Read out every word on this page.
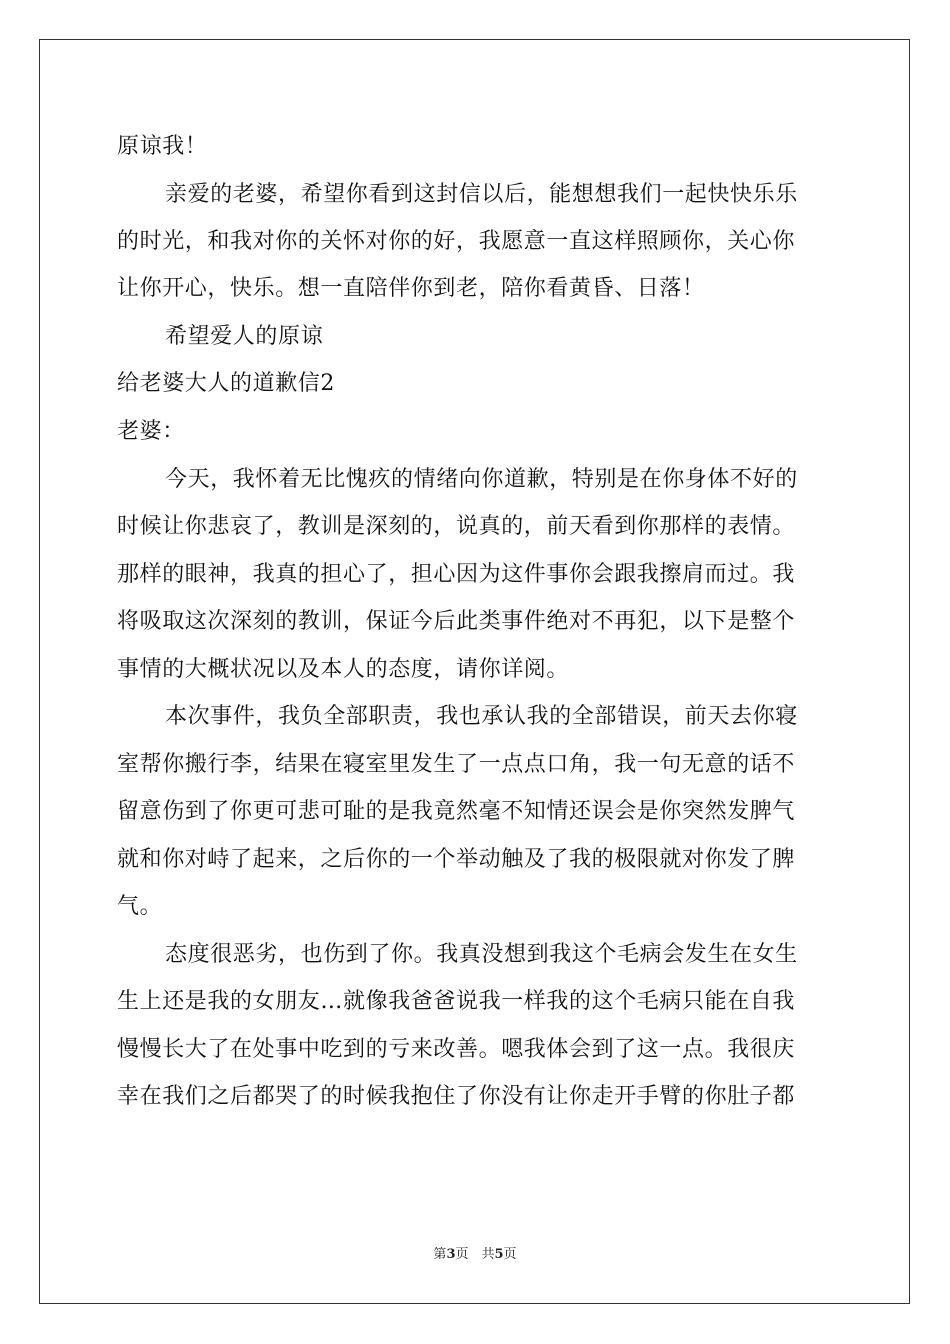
原谅我！
亲爱的老婆，希望你看到这封信以后，能想想我们一起快快乐乐
的时光，和我对你的关怀对你的好，我愿意一直这样照顾你，关心你
让你开心，快乐。想一直陪伴你到老，陪你看黄昏、日落！
希望爱人的原谅
给老婆大人的道歉信2
老婆：
今天，我怀着无比愧疚的情绪向你道歉，特别是在你身体不好的
时候让你悲哀了，教训是深刻的，说真的，前天看到你那样的表情。
那样的眼神，我真的担心了，担心因为这件事你会跟我擦肩而过。我
将吸取这次深刻的教训，保证今后此类事件绝对不再犯，以下是整个
事情的大概状况以及本人的态度，请你详阅。
本次事件，我负全部职责，我也承认我的全部错误，前天去你寝
室帮你搬行李，结果在寝室里发生了一点点口角，我一句无意的话不
留意伤到了你更可悲可耻的是我竟然毫不知情还误会是你突然发脾气
就和你对峙了起来，之后你的一个举动触及了我的极限就对你发了脾
气。
态度很恶劣，也伤到了你。我真没想到我这个毛病会发生在女生
生上还是我的女朋友…就像我爸爸说我一样我的这个毛病只能在自我
慢慢长大了在处事中吃到的亏来改善。嗯我体会到了这一点。我很庆
幸在我们之后都哭了的时候我抱住了你没有让你走开手臂的你肚子都
第3页　共5页
